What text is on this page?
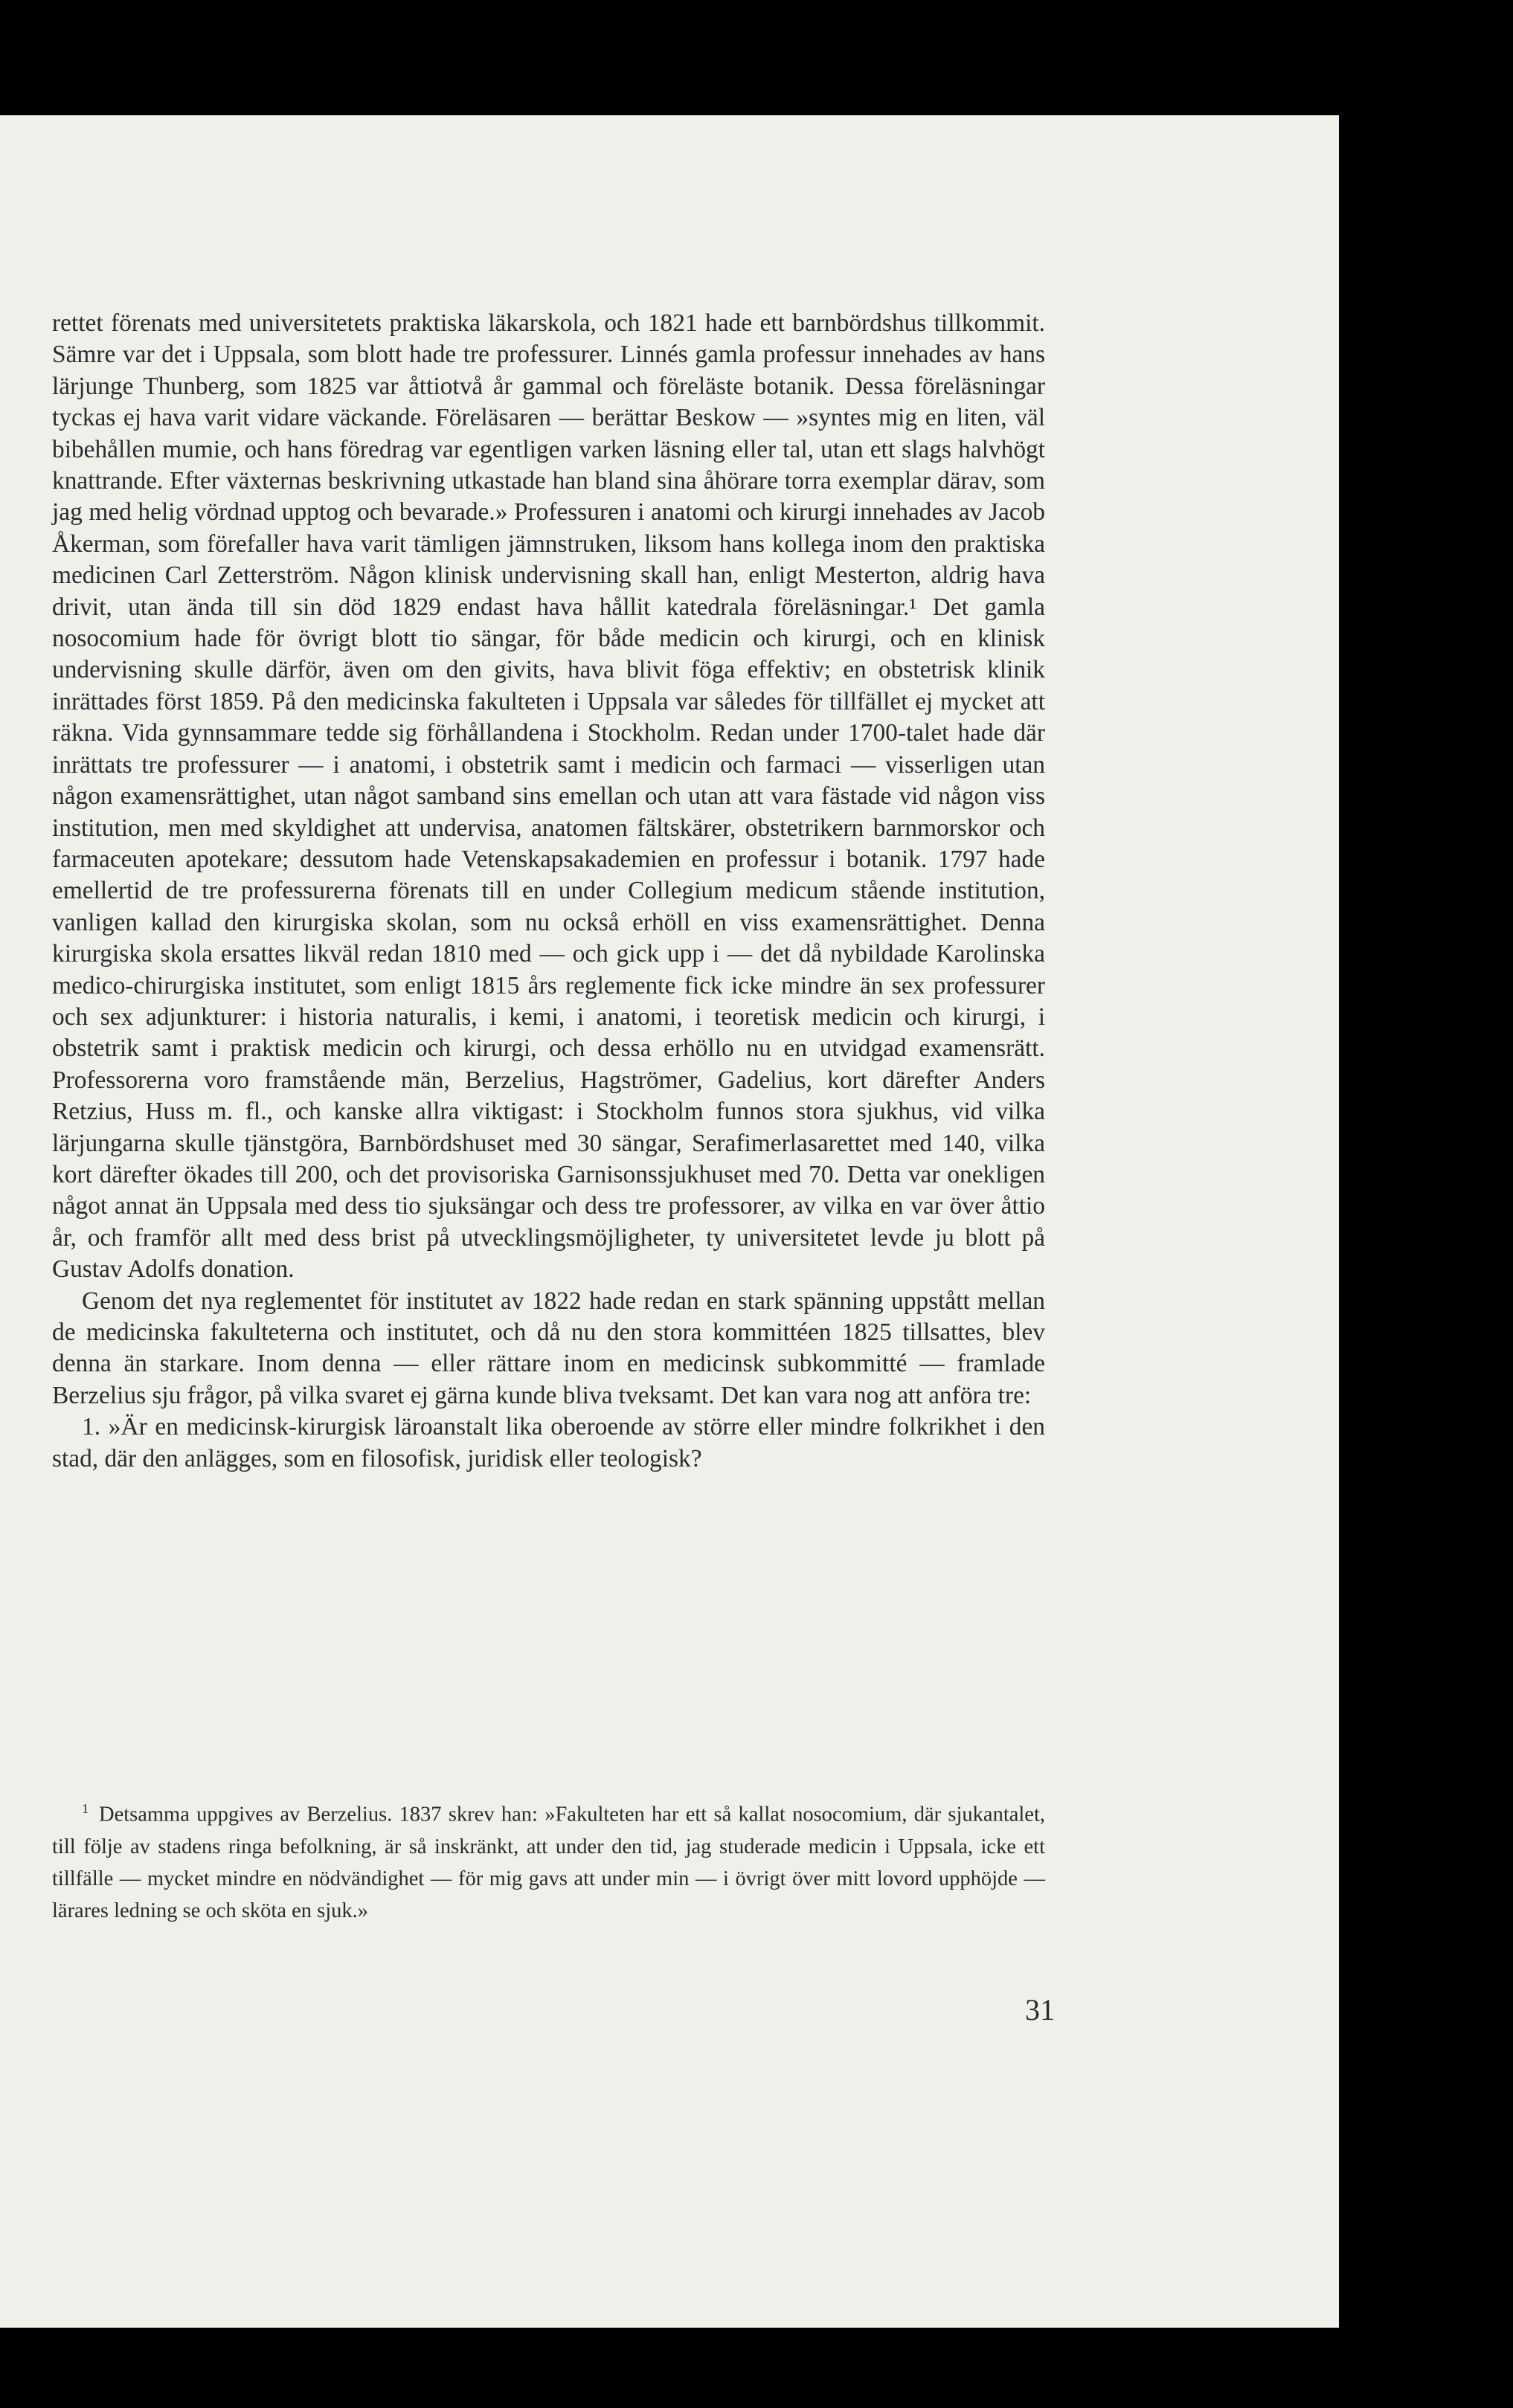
rettet förenats med universitetets praktiska läkarskola, och 1821 hade ett barnbördshus tillkommit. Sämre var det i Uppsala, som blott hade tre professurer. Linnés gamla professur innehades av hans lärjunge Thunberg, som 1825 var åttiotvå år gammal och föreläste botanik. Dessa föreläsningar tyckas ej hava varit vidare väckande. Föreläsaren — berättar Beskow — »syntes mig en liten, väl bibehållen mumie, och hans föredrag var egentligen varken läsning eller tal, utan ett slags halvhögt knattrande. Efter växternas beskrivning utkastade han bland sina åhörare torra exemplar därav, som jag med helig vördnad upptog och bevarade.» Professuren i anatomi och kirurgi innehades av Jacob Åkerman, som förefaller hava varit tämligen jämnstruken, liksom hans kollega inom den praktiska medicinen Carl Zetterström. Någon klinisk undervisning skall han, enligt Mesterton, aldrig hava drivit, utan ända till sin död 1829 endast hava hållit katedrala föreläsningar.¹ Det gamla nosocomium hade för övrigt blott tio sängar, för både medicin och kirurgi, och en klinisk undervisning skulle därför, även om den givits, hava blivit föga effektiv; en obstetrisk klinik inrättades först 1859. På den medicinska fakulteten i Uppsala var således för tillfället ej mycket att räkna. Vida gynnsammare tedde sig förhållandena i Stockholm. Redan under 1700-talet hade där inrättats tre professurer — i anatomi, i obstetrik samt i medicin och farmaci — visserligen utan någon examensrättighet, utan något samband sins emellan och utan att vara fästade vid någon viss institution, men med skyldighet att undervisa, anatomen fältskärer, obstetrikern barnmorskor och farmaceuten apotekare; dessutom hade Vetenskapsakademien en professur i botanik. 1797 hade emellertid de tre professurerna förenats till en under Collegium medicum stående institution, vanligen kallad den kirurgiska skolan, som nu också erhöll en viss examensrättighet. Denna kirurgiska skola ersattes likväl redan 1810 med — och gick upp i — det då nybildade Karolinska medico-chirurgiska institutet, som enligt 1815 års reglemente fick icke mindre än sex professurer och sex adjunkturer: i historia naturalis, i kemi, i anatomi, i teoretisk medicin och kirurgi, i obstetrik samt i praktisk medicin och kirurgi, och dessa erhöllo nu en utvidgad examensrätt. Professorerna voro framstående män, Berzelius, Hagströmer, Gadelius, kort därefter Anders Retzius, Huss m. fl., och kanske allra viktigast: i Stockholm funnos stora sjukhus, vid vilka lärjungarna skulle tjänstgöra, Barnbördshuset med 30 sängar, Serafimerlasarettet med 140, vilka kort därefter ökades till 200, och det provisoriska Garnisonssjukhuset med 70. Detta var onekligen något annat än Uppsala med dess tio sjuksängar och dess tre professorer, av vilka en var över åttio år, och framför allt med dess brist på utvecklingsmöjligheter, ty universitetet levde ju blott på Gustav Adolfs donation.

Genom det nya reglementet för institutet av 1822 hade redan en stark spänning uppstått mellan de medicinska fakulteterna och institutet, och då nu den stora kommittéen 1825 tillsattes, blev denna än starkare. Inom denna — eller rättare inom en medicinsk subkommitté — framlade Berzelius sju frågor, på vilka svaret ej gärna kunde bliva tveksamt. Det kan vara nog att anföra tre:

1. »Är en medicinsk-kirurgisk läroanstalt lika oberoende av större eller mindre folkrikhet i den stad, där den anlägges, som en filosofisk, juridisk eller teologisk?

$^1$ Detsamma uppgives av Berzelius. 1837 skrev han: »Fakulteten har ett så kallat nosocomium, där sjukantalet, till följe av stadens ringa befolkning, är så inskränkt, att under den tid, jag studerade medicin i Uppsala, icke ett tillfälle — mycket mindre en nödvändighet — för mig gavs att under min — i övrigt över mitt lovord upphöjde — lärares ledning se och sköta en sjuk.»

31
